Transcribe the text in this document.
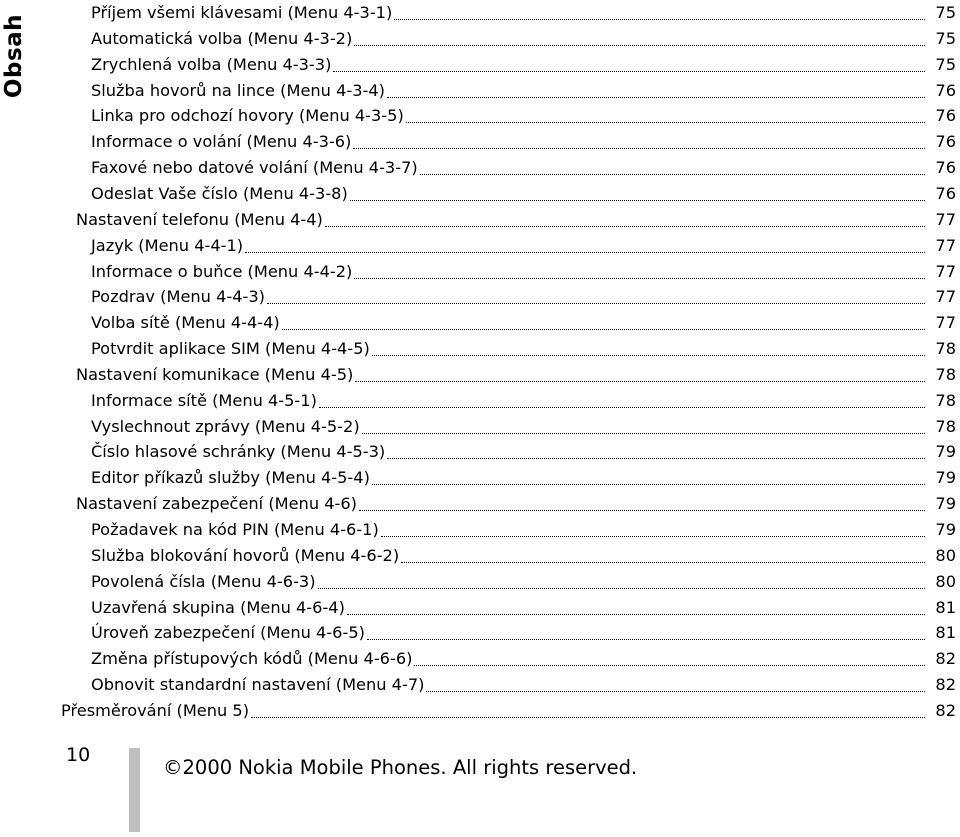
Obsah
Příjem všemi klávesami (Menu 4-3-1)	75
Automatická volba (Menu 4-3-2)	75
Zrychlená volba (Menu 4-3-3)	75
Služba hovorů na lince (Menu 4-3-4)	76
Linka pro odchozí hovory (Menu 4-3-5)	76
Informace o volání (Menu 4-3-6)	76
Faxové nebo datové volání (Menu 4-3-7)	76
Odeslat Vaše číslo (Menu 4-3-8)	76
Nastavení telefonu (Menu 4-4)	77
Jazyk (Menu 4-4-1)	77
Informace o buňce (Menu 4-4-2)	77
Pozdrav (Menu 4-4-3)	77
Volba sítě (Menu 4-4-4)	77
Potvrdit aplikace SIM (Menu 4-4-5)	78
Nastavení komunikace (Menu 4-5)	78
Informace sítě (Menu 4-5-1)	78
Vyslechnout zprávy (Menu 4-5-2)	78
Číslo hlasové schránky (Menu 4-5-3)	79
Editor příkazů služby (Menu 4-5-4)	79
Nastavení zabezpečení (Menu 4-6)	79
Požadavek na kód PIN (Menu 4-6-1)	79
Služba blokování hovorů (Menu 4-6-2)	80
Povolená čísla (Menu 4-6-3)	80
Uzavřená skupina (Menu 4-6-4)	81
Úroveň zabezpečení (Menu 4-6-5)	81
Změna přístupových kódů (Menu 4-6-6)	82
Obnovit standardní nastavení (Menu 4-7)	82
Přesměrování (Menu 5)	82
10
©2000 Nokia Mobile Phones. All rights reserved.
